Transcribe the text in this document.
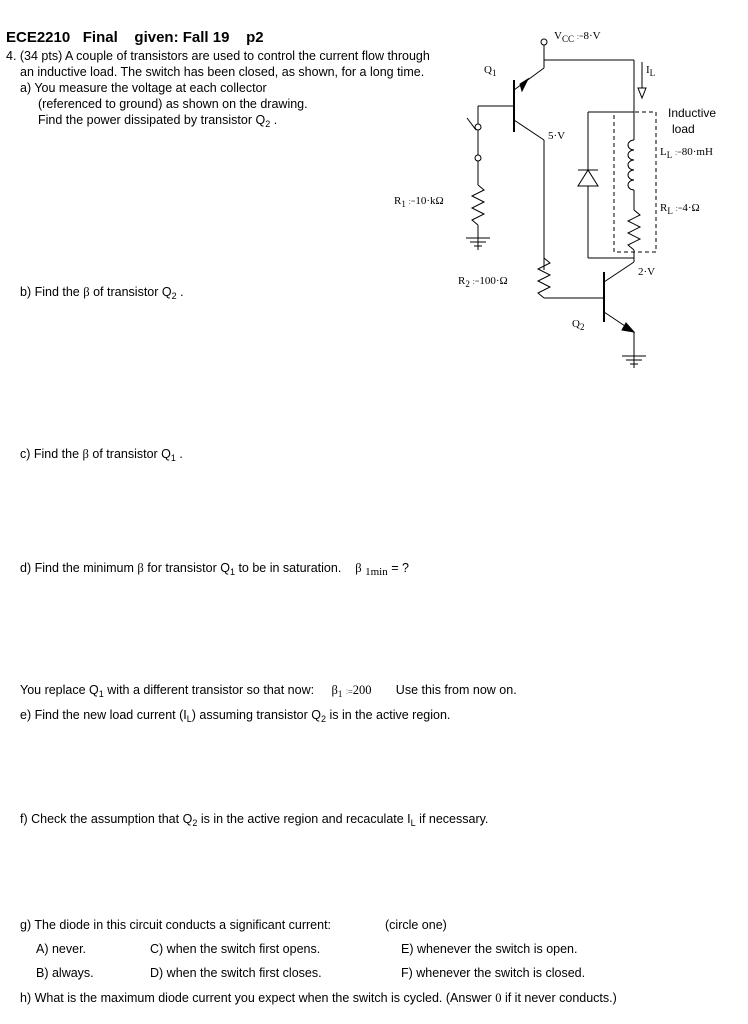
ECE2210 Final given: Fall 19 p2
4. (34 pts) A couple of transistors are used to control the current flow through
an inductive load. The switch has been closed, as shown, for a long time.
a) You measure the voltage at each collector
(referenced to ground) as shown on the drawing.
Find the power dissipated by transistor $Q_2$ .
b) Find the β of transistor $Q_2$ .
c) Find the β of transistor $Q_1$ .
d) Find the minimum β for transistor $Q_1$ to be in saturation. β 1min = ?
You replace $Q_1$ with a different transistor so that now: $\beta_1$ :=200 Use this from now on.
e) Find the new load current $(I_L)$ assuming transistor $Q_2$ is in the active region.
f) Check the assumption that $Q_2$ is in the active region and recaculate $I_L$ if necessary.
g) The diode in this circuit conducts a significant current:	(circle one)
A) never.	C) when the switch first opens.	E) whenever the switch is open.
B) always.	D) when the switch first closes.	F) whenever the switch is closed.
h) What is the maximum diode current you expect when the switch is cycled. (Answer 0 if it never conducts.)
$V_{CC}$ :=8·V
$I_L$
Inductive
load
$L_L$ :=80·mH
$R_L$ :=4·Ω
$Q_1$
5·V
2·V
$R_1$ :=10·kΩ
$R_2$ :=100·Ω
$Q_2$
